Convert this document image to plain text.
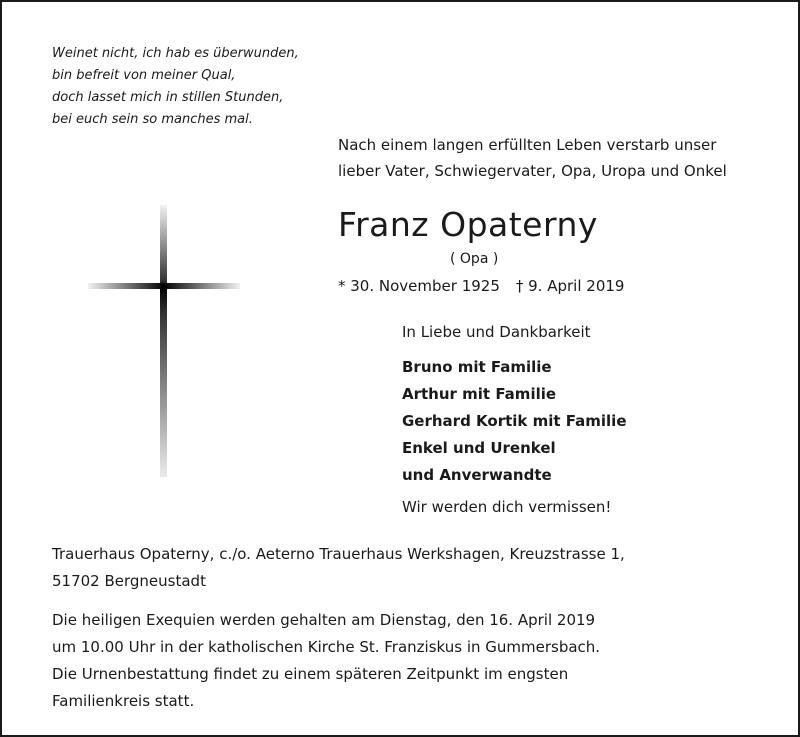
Weinet nicht, ich hab es überwunden,
bin befreit von meiner Qual,
doch lasset mich in stillen Stunden,
bei euch sein so manches mal.
Nach einem langen erfüllten Leben verstarb unser
lieber Vater, Schwiegervater, Opa, Uropa und Onkel
Franz Opaterny
( Opa )
* 30. November 1925 † 9. April 2019
In Liebe und Dankbarkeit
Bruno mit Familie
Arthur mit Familie
Gerhard Kortik mit Familie
Enkel und Urenkel
und Anverwandte
Wir werden dich vermissen!
Trauerhaus Opaterny, c./o. Aeterno Trauerhaus Werkshagen, Kreuzstrasse 1,
51702 Bergneustadt
Die heiligen Exequien werden gehalten am Dienstag, den 16. April 2019
um 10.00 Uhr in der katholischen Kirche St. Franziskus in Gummersbach.
Die Urnenbestattung findet zu einem späteren Zeitpunkt im engsten
Familienkreis statt.
